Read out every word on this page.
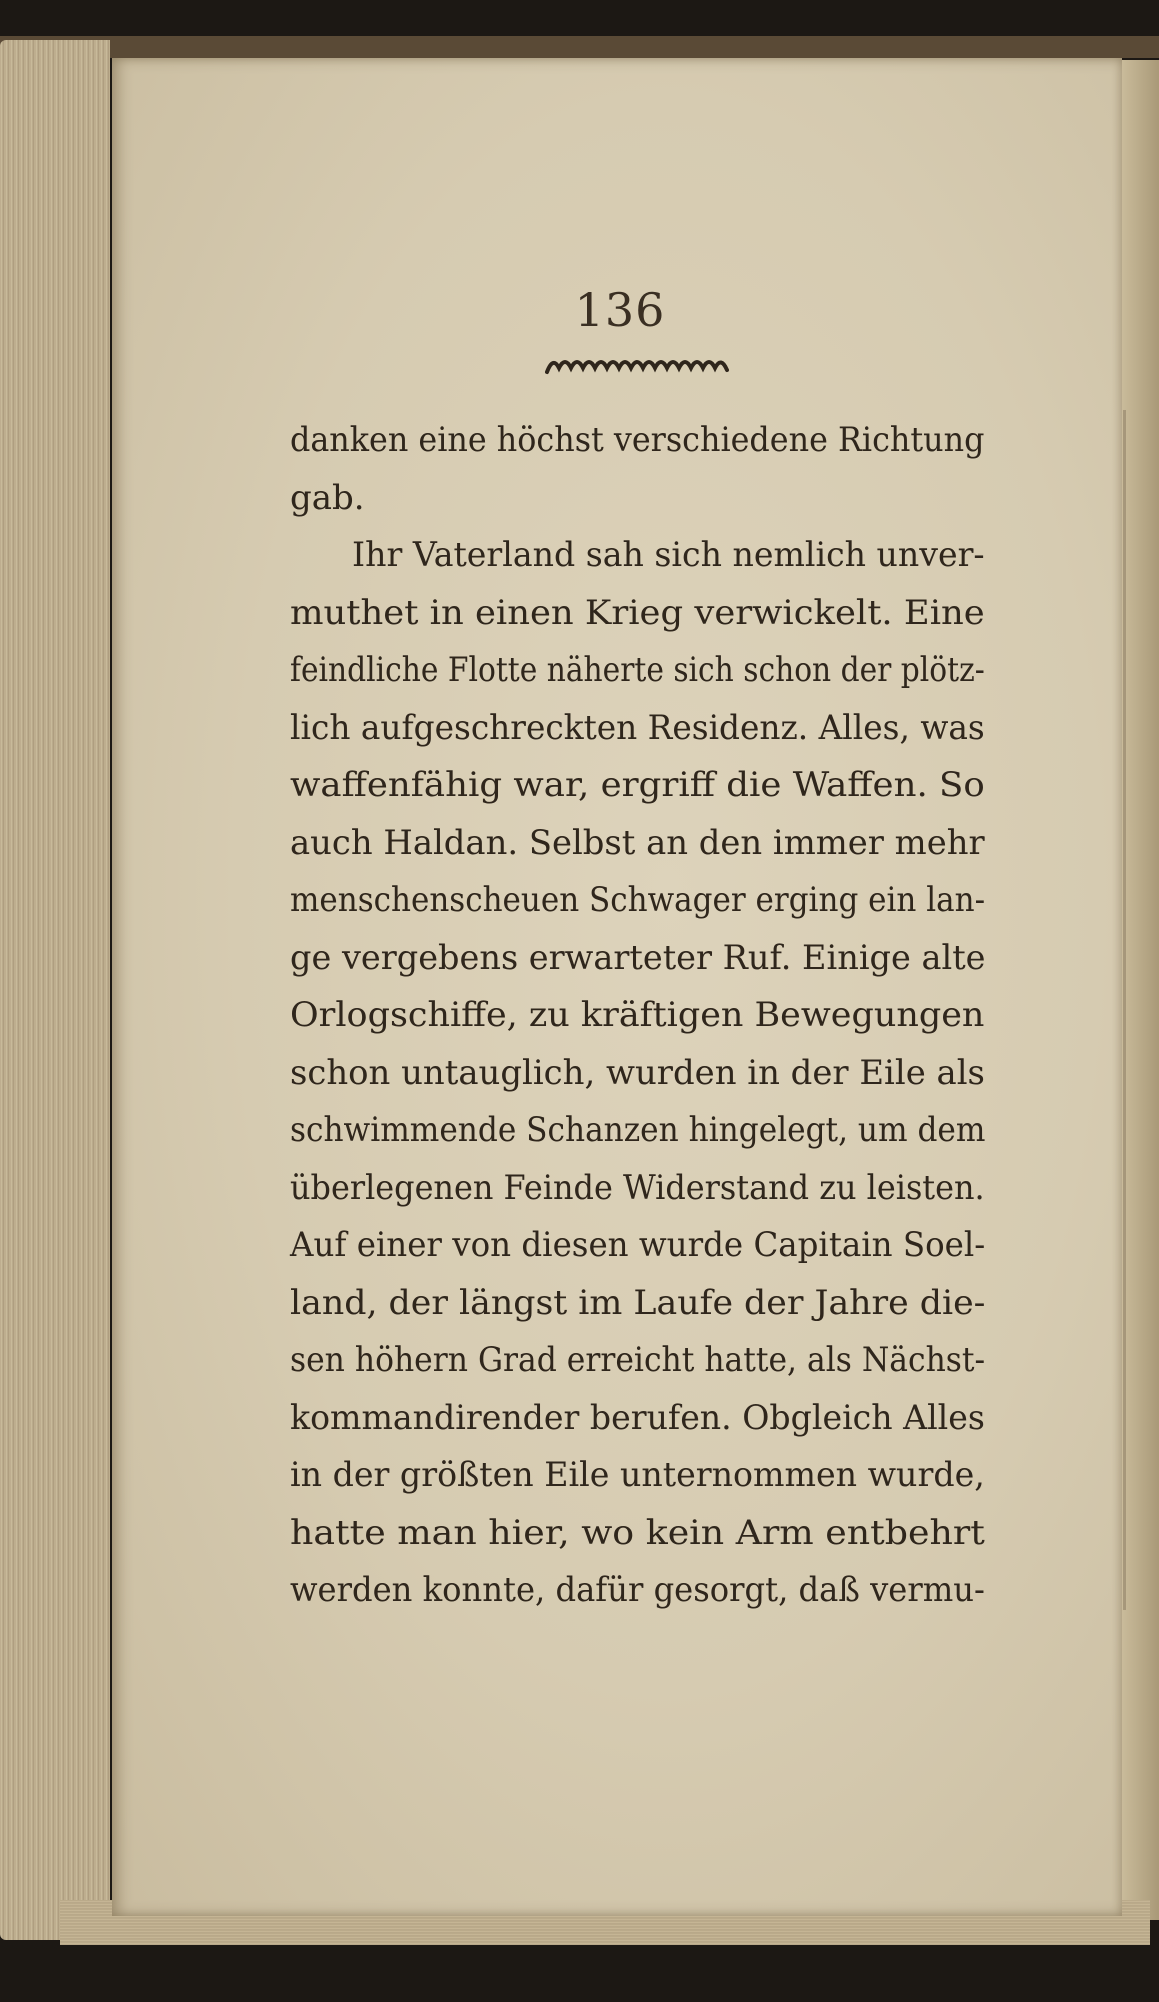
136
danken eine höchst verschiedene Richtung
gab.
Ihr Vaterland sah sich nemlich unver-
muthet in einen Krieg verwickelt. Eine
feindliche Flotte näherte sich schon der plötz-
lich aufgeschreckten Residenz. Alles, was
waffenfähig war, ergriff die Waffen. So
auch Haldan. Selbst an den immer mehr
menschenscheuen Schwager erging ein lan-
ge vergebens erwarteter Ruf. Einige alte
Orlogschiffe, zu kräftigen Bewegungen
schon untauglich, wurden in der Eile als
schwimmende Schanzen hingelegt, um dem
überlegenen Feinde Widerstand zu leisten.
Auf einer von diesen wurde Capitain Soel-
land, der längst im Laufe der Jahre die-
sen höhern Grad erreicht hatte, als Nächst-
kommandirender berufen. Obgleich Alles
in der größten Eile unternommen wurde,
hatte man hier, wo kein Arm entbehrt
werden konnte, dafür gesorgt, daß vermu-
